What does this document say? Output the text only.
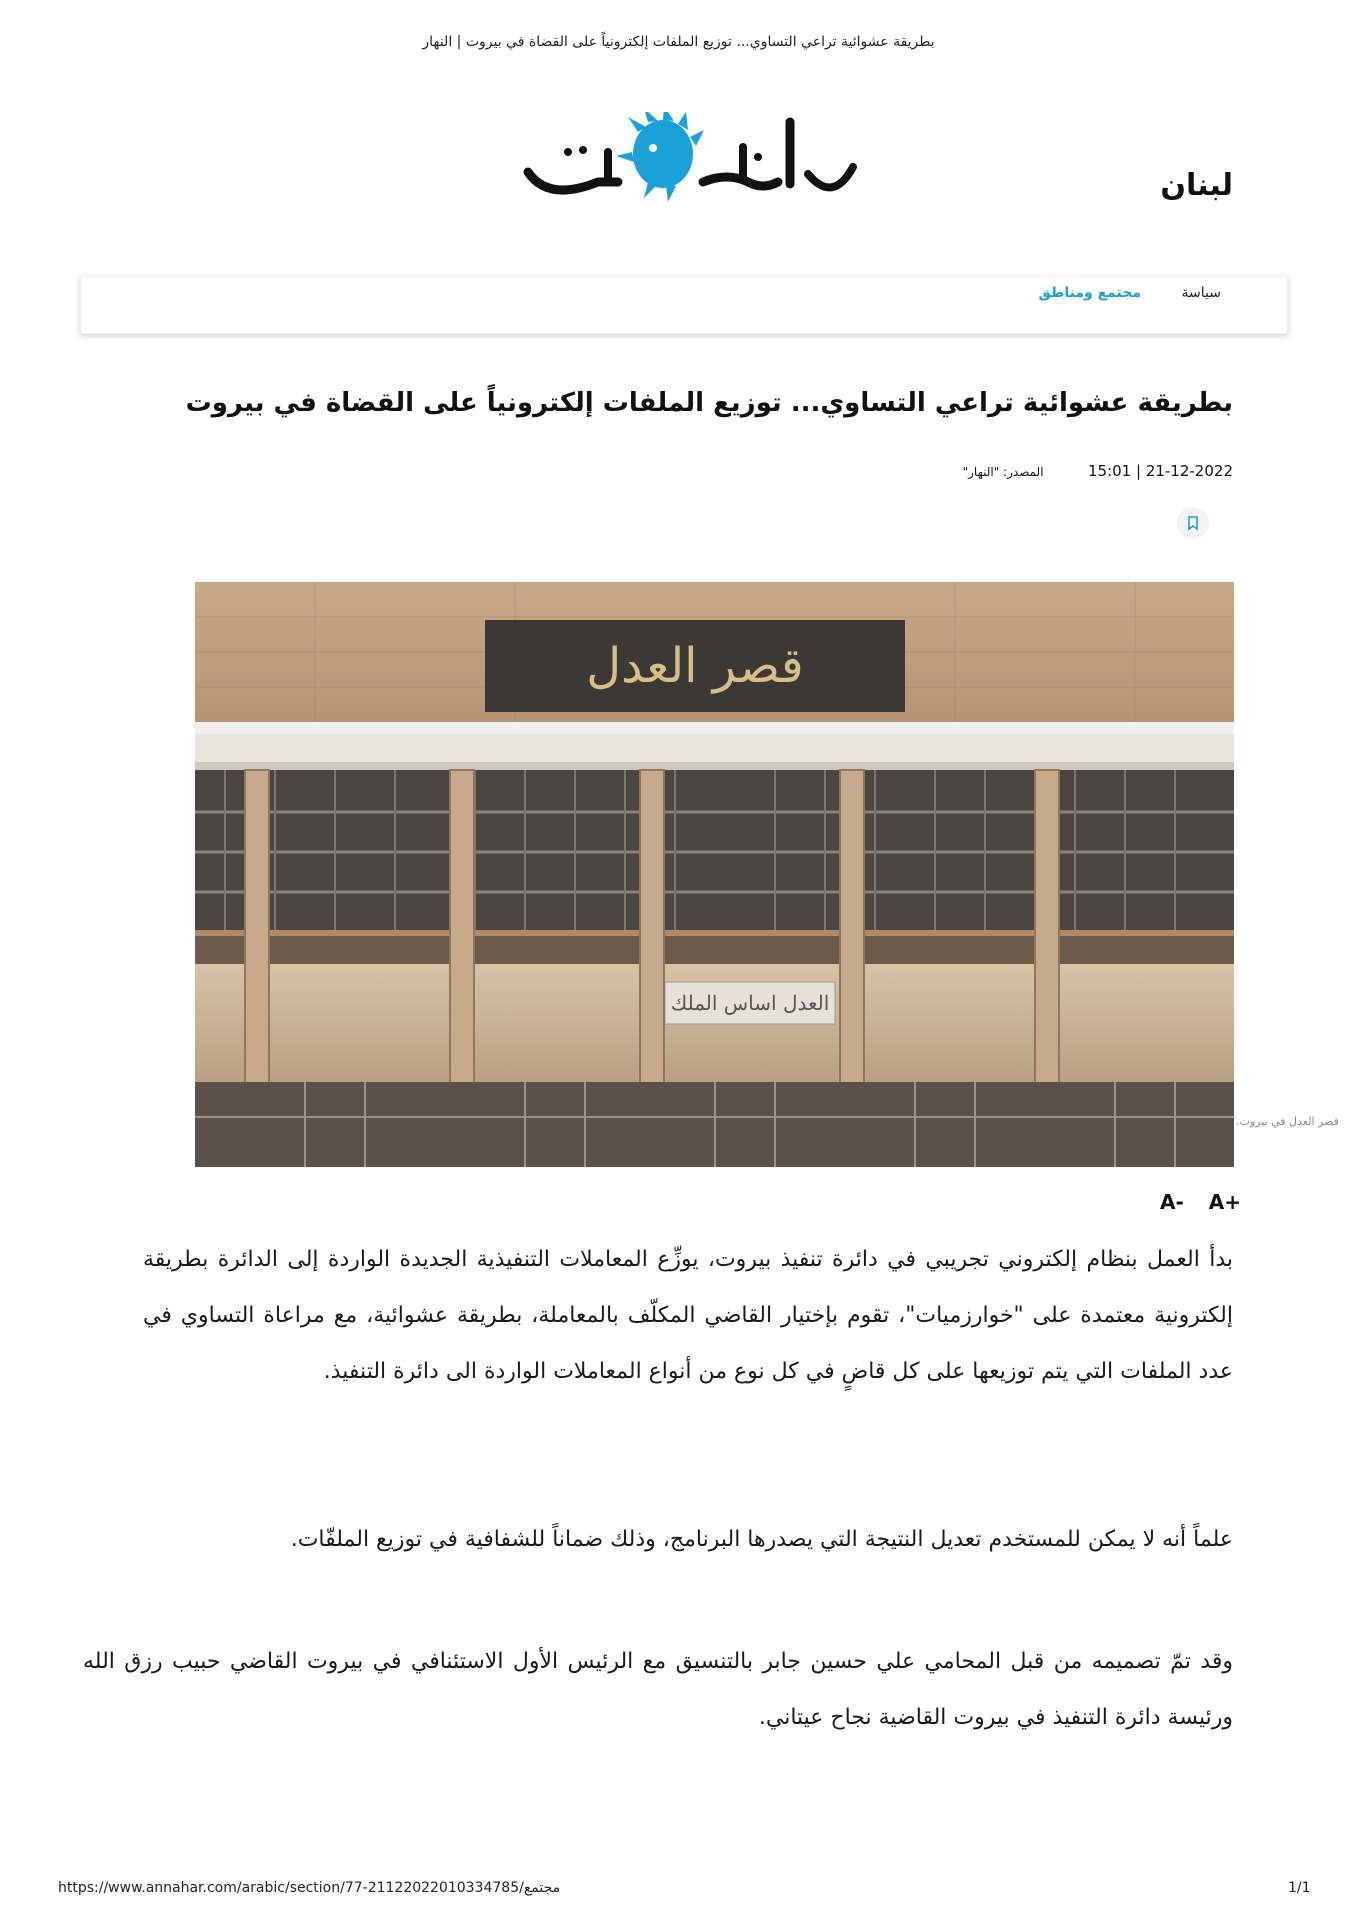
بطريقة عشوائية تراعي التساوي... توزيع الملفات إلكترونياً على القضاة في بيروت | النهار
لبنان
سياسة
مجتمع ومناطق
بطريقة عشوائية تراعي التساوي... توزيع الملفات إلكترونياً على القضاة في بيروت
21-12-2022 | 15:01 المصدر: "النهار"
قصر العدل
العدل اساس الملك
قصر العدل في بيروت.
A- A+

بدأ العمل بنظام إلكتروني تجريبي في دائرة تنفيذ بيروت، يوزِّع المعاملات التنفيذية الجديدة الواردة إلى الدائرة بطريقة إلكترونية معتمدة على "خوارزميات"، تقوم بإختيار القاضي المكلّف بالمعاملة، بطريقة عشوائية، مع مراعاة التساوي في عدد الملفات التي يتم توزيعها على كل قاضٍ في كل نوع من أنواع المعاملات الواردة الى دائرة التنفيذ.

علماً أنه لا يمكن للمستخدم تعديل النتيجة التي يصدرها البرنامج، وذلك ضماناً للشفافية في توزيع الملفّات.

وقد تمّ تصميمه من قبل المحامي علي حسين جابر بالتنسيق مع الرئيس الأول الاستئنافي في بيروت القاضي حبيب رزق الله ورئيسة دائرة التنفيذ في بيروت القاضية نجاح عيتاني.

https://www.annahar.com/arabic/section/77-مجتمع/21122022010334785	1/1
